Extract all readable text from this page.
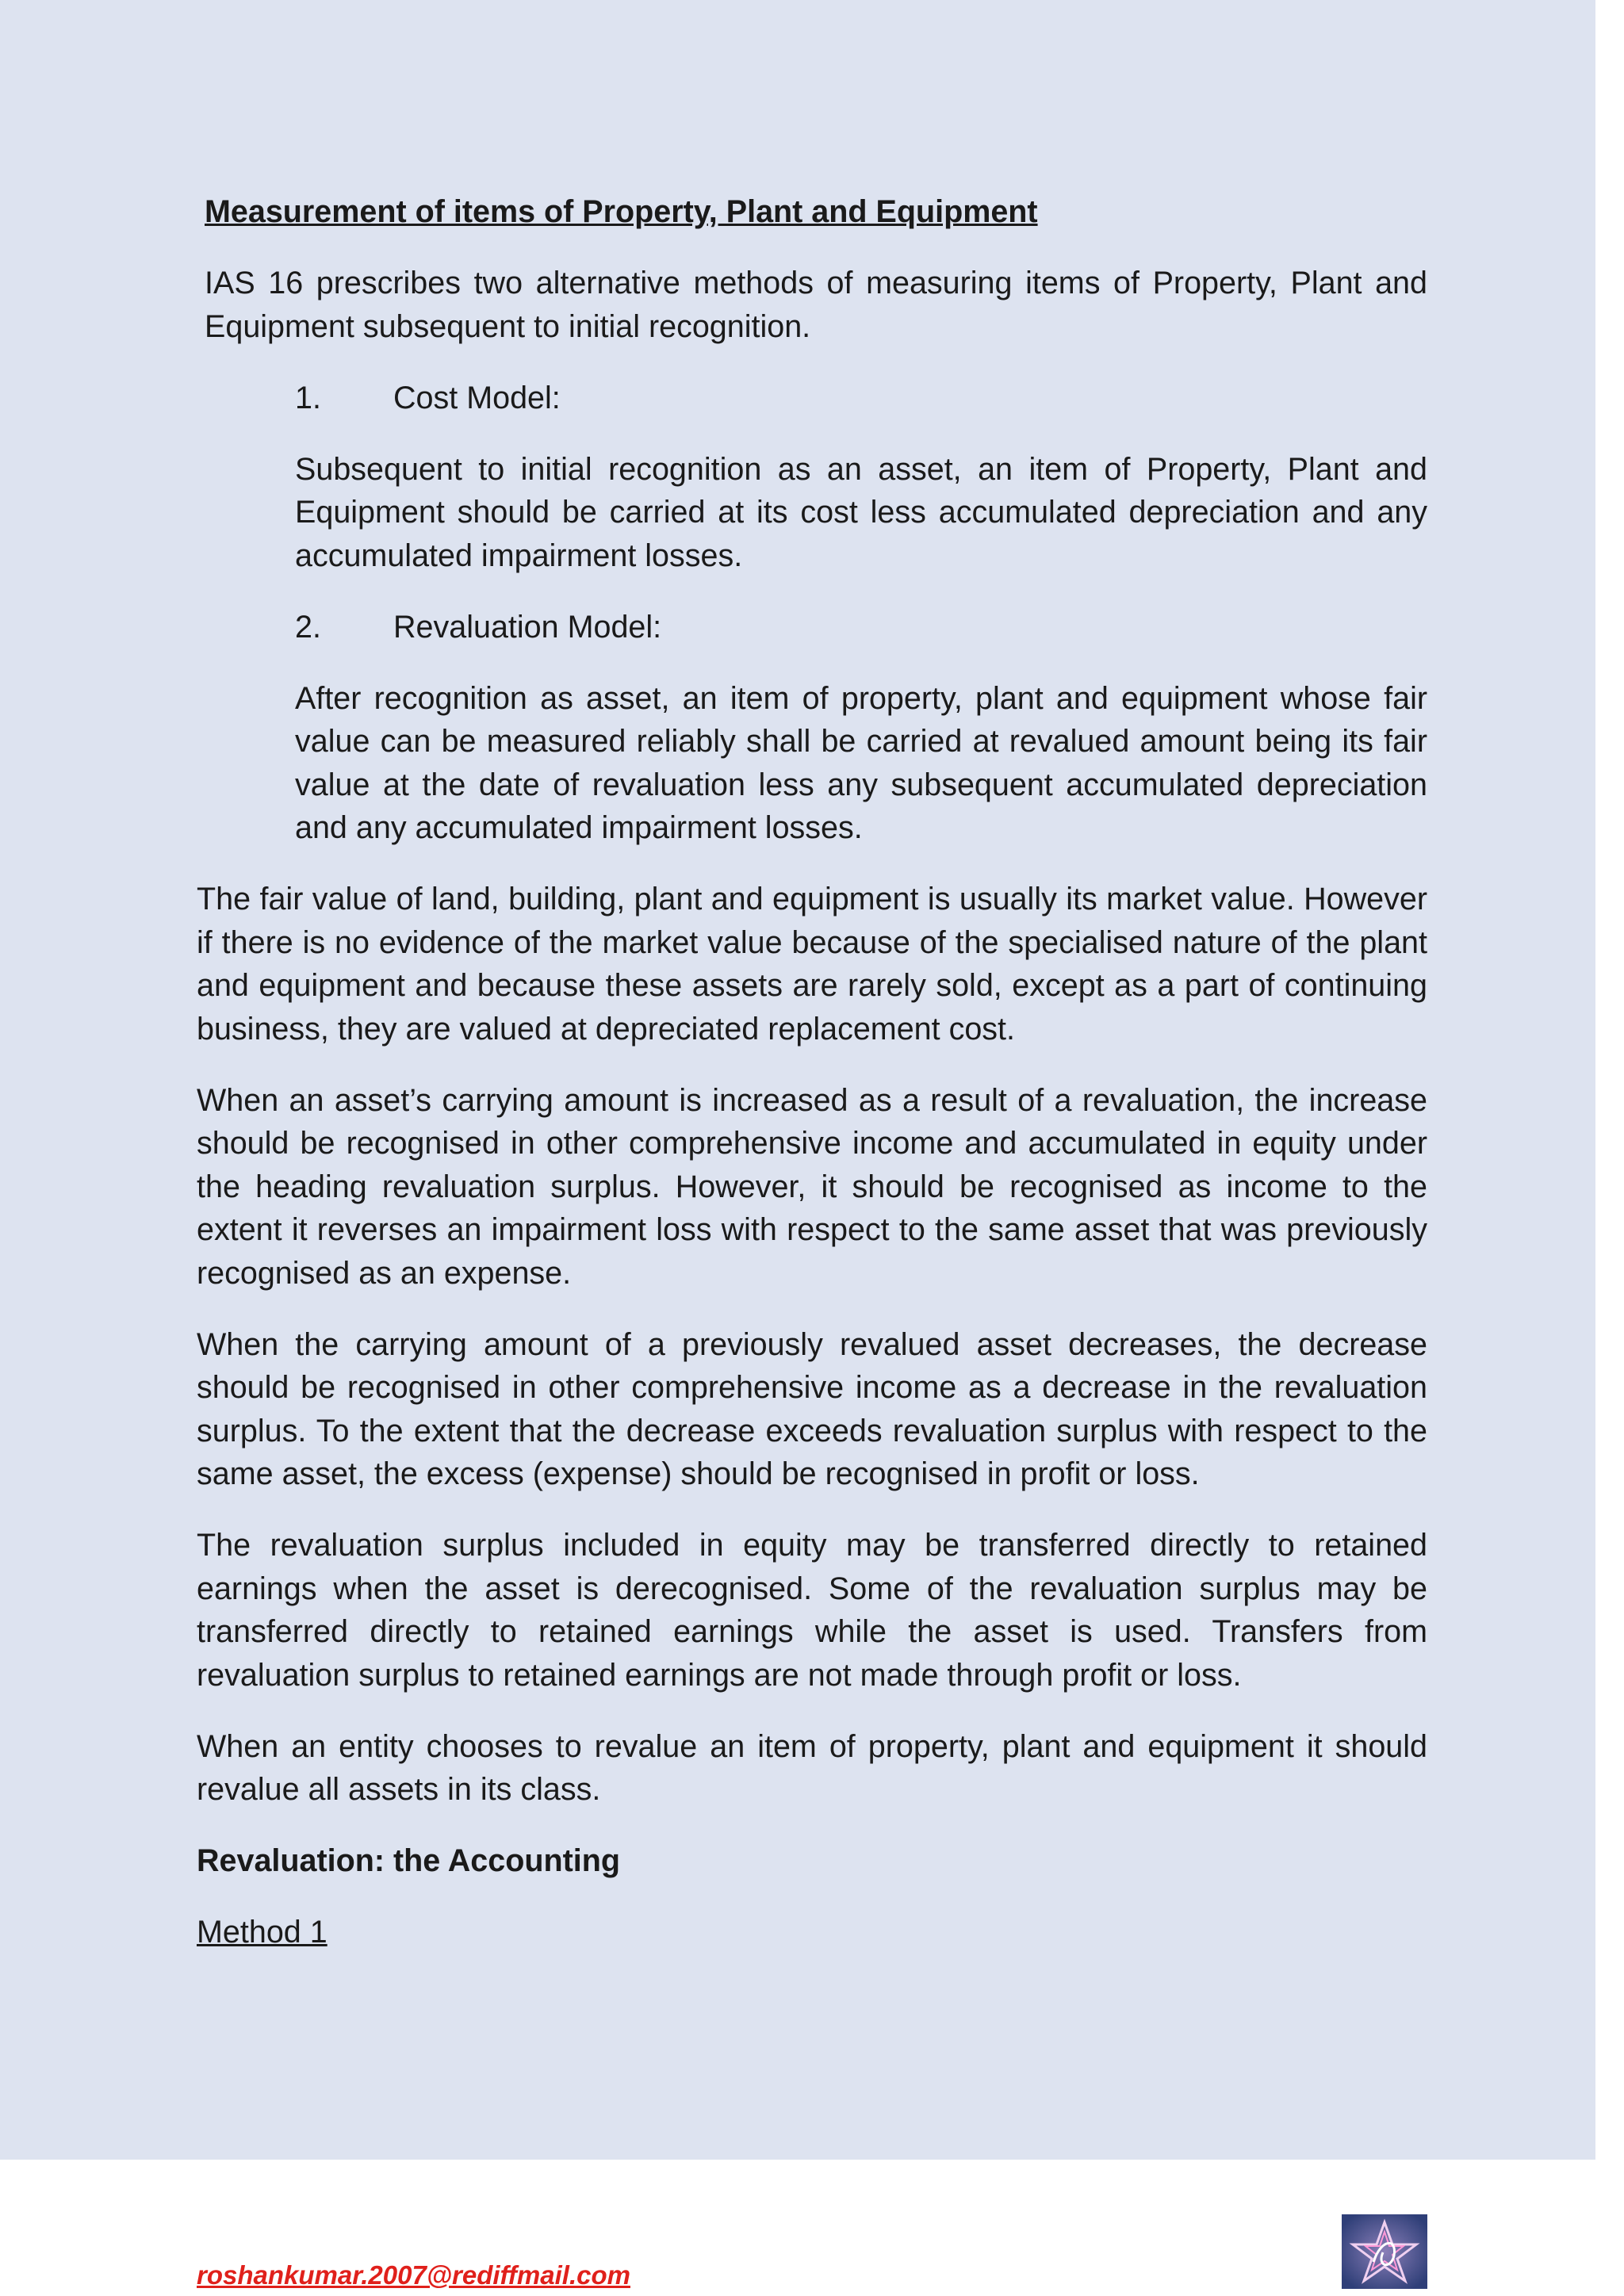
Measurement of items of Property, Plant and Equipment

IAS 16 prescribes two alternative methods of measuring items of Property, Plant and Equipment subsequent to initial recognition.

1. Cost Model:

Subsequent to initial recognition as an asset, an item of Property, Plant and Equipment should be carried at its cost less accumulated depreciation and any accumulated impairment losses.

2. Revaluation Model:

After recognition as asset, an item of property, plant and equipment whose fair value can be measured reliably shall be carried at revalued amount being its fair value at the date of revaluation less any subsequent accumulated depreciation and any accumulated impairment losses.

The fair value of land, building, plant and equipment is usually its market value. However if there is no evidence of the market value because of the specialised nature of the plant and equipment and because these assets are rarely sold, except as a part of continuing business, they are valued at depreciated replacement cost.

When an asset’s carrying amount is increased as a result of a revaluation, the increase should be recognised in other comprehensive income and accumulated in equity under the heading revaluation surplus. However, it should be recognised as income to the extent it reverses an impairment loss with respect to the same asset that was previously recognised as an expense.

When the carrying amount of a previously revalued asset decreases, the decrease should be recognised in other comprehensive income as a decrease in the revaluation surplus. To the extent that the decrease exceeds revaluation surplus with respect to the same asset, the excess (expense) should be recognised in profit or loss.

The revaluation surplus included in equity may be transferred directly to retained earnings when the asset is derecognised. Some of the revaluation surplus may be transferred directly to retained earnings while the asset is used. Transfers from revaluation surplus to retained earnings are not made through profit or loss.

When an entity chooses to revalue an item of property, plant and equipment it should revalue all assets in its class.

Revaluation: the Accounting

Method 1

roshankumar.2007@rediffmail.com
